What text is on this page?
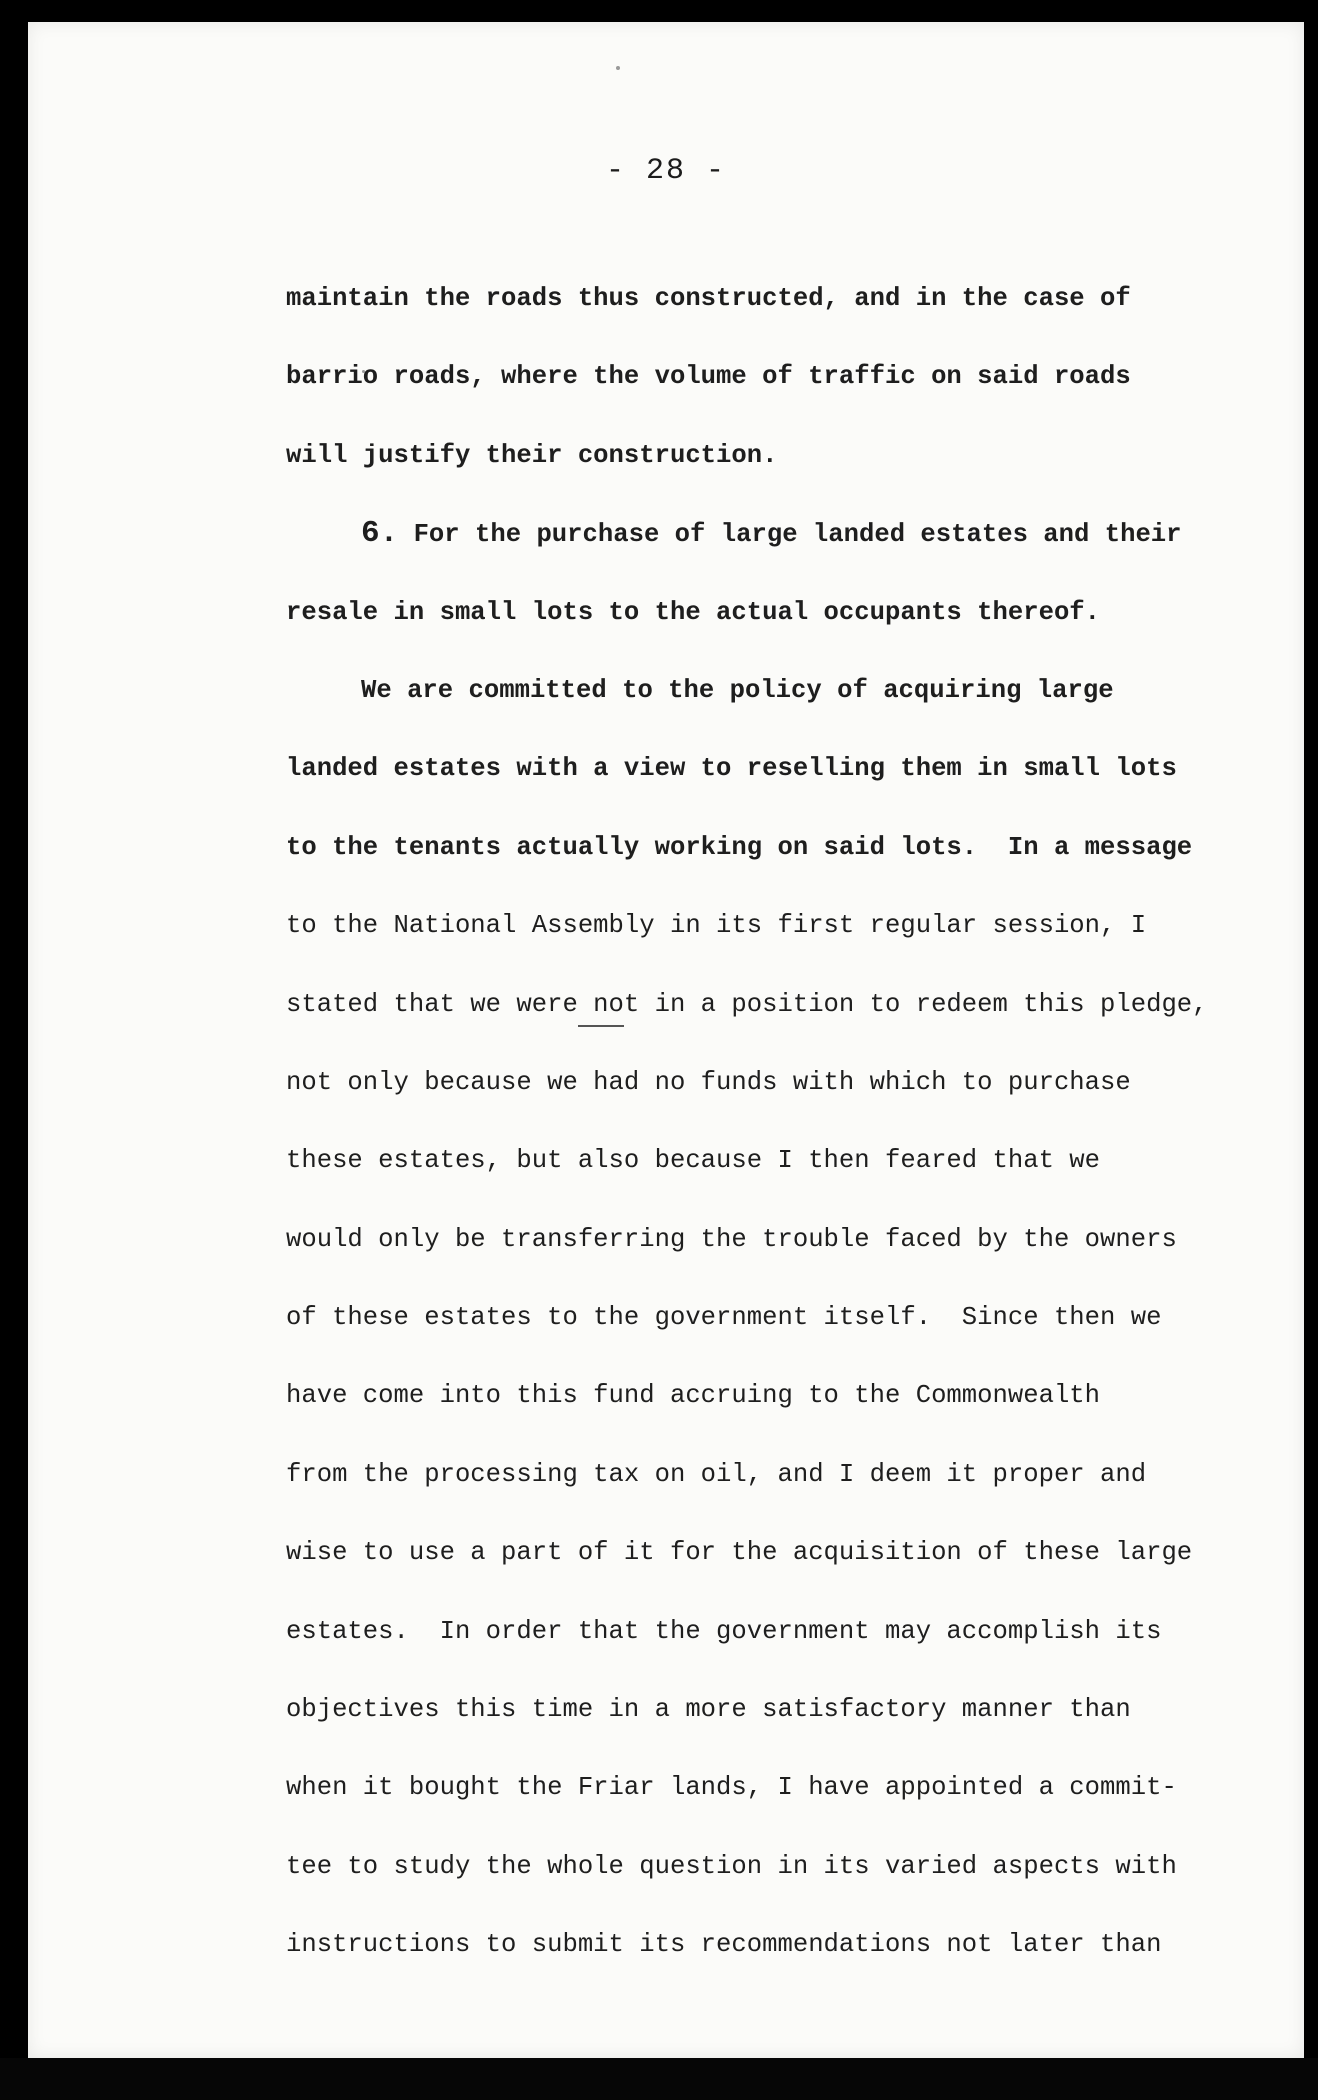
- 28 -

maintain the roads thus constructed, and in the case of

barrio roads, where the volume of traffic on said roads

will justify their construction.

6. For the purchase of large landed estates and their

resale in small lots to the actual occupants thereof.

We are committed to the policy of acquiring large

landed estates with a view to reselling them in small lots

to the tenants actually working on said lots.  In a message

to the National Assembly in its first regular session, I

stated that we were not in a position to redeem this pledge,

not only because we had no funds with which to purchase

these estates, but also because I then feared that we

would only be transferring the trouble faced by the owners

of these estates to the government itself.  Since then we

have come into this fund accruing to the Commonwealth

from the processing tax on oil, and I deem it proper and

wise to use a part of it for the acquisition of these large

estates.  In order that the government may accomplish its

objectives this time in a more satisfactory manner than

when it bought the Friar lands, I have appointed a commit-

tee to study the whole question in its varied aspects with

instructions to submit its recommendations not later than
